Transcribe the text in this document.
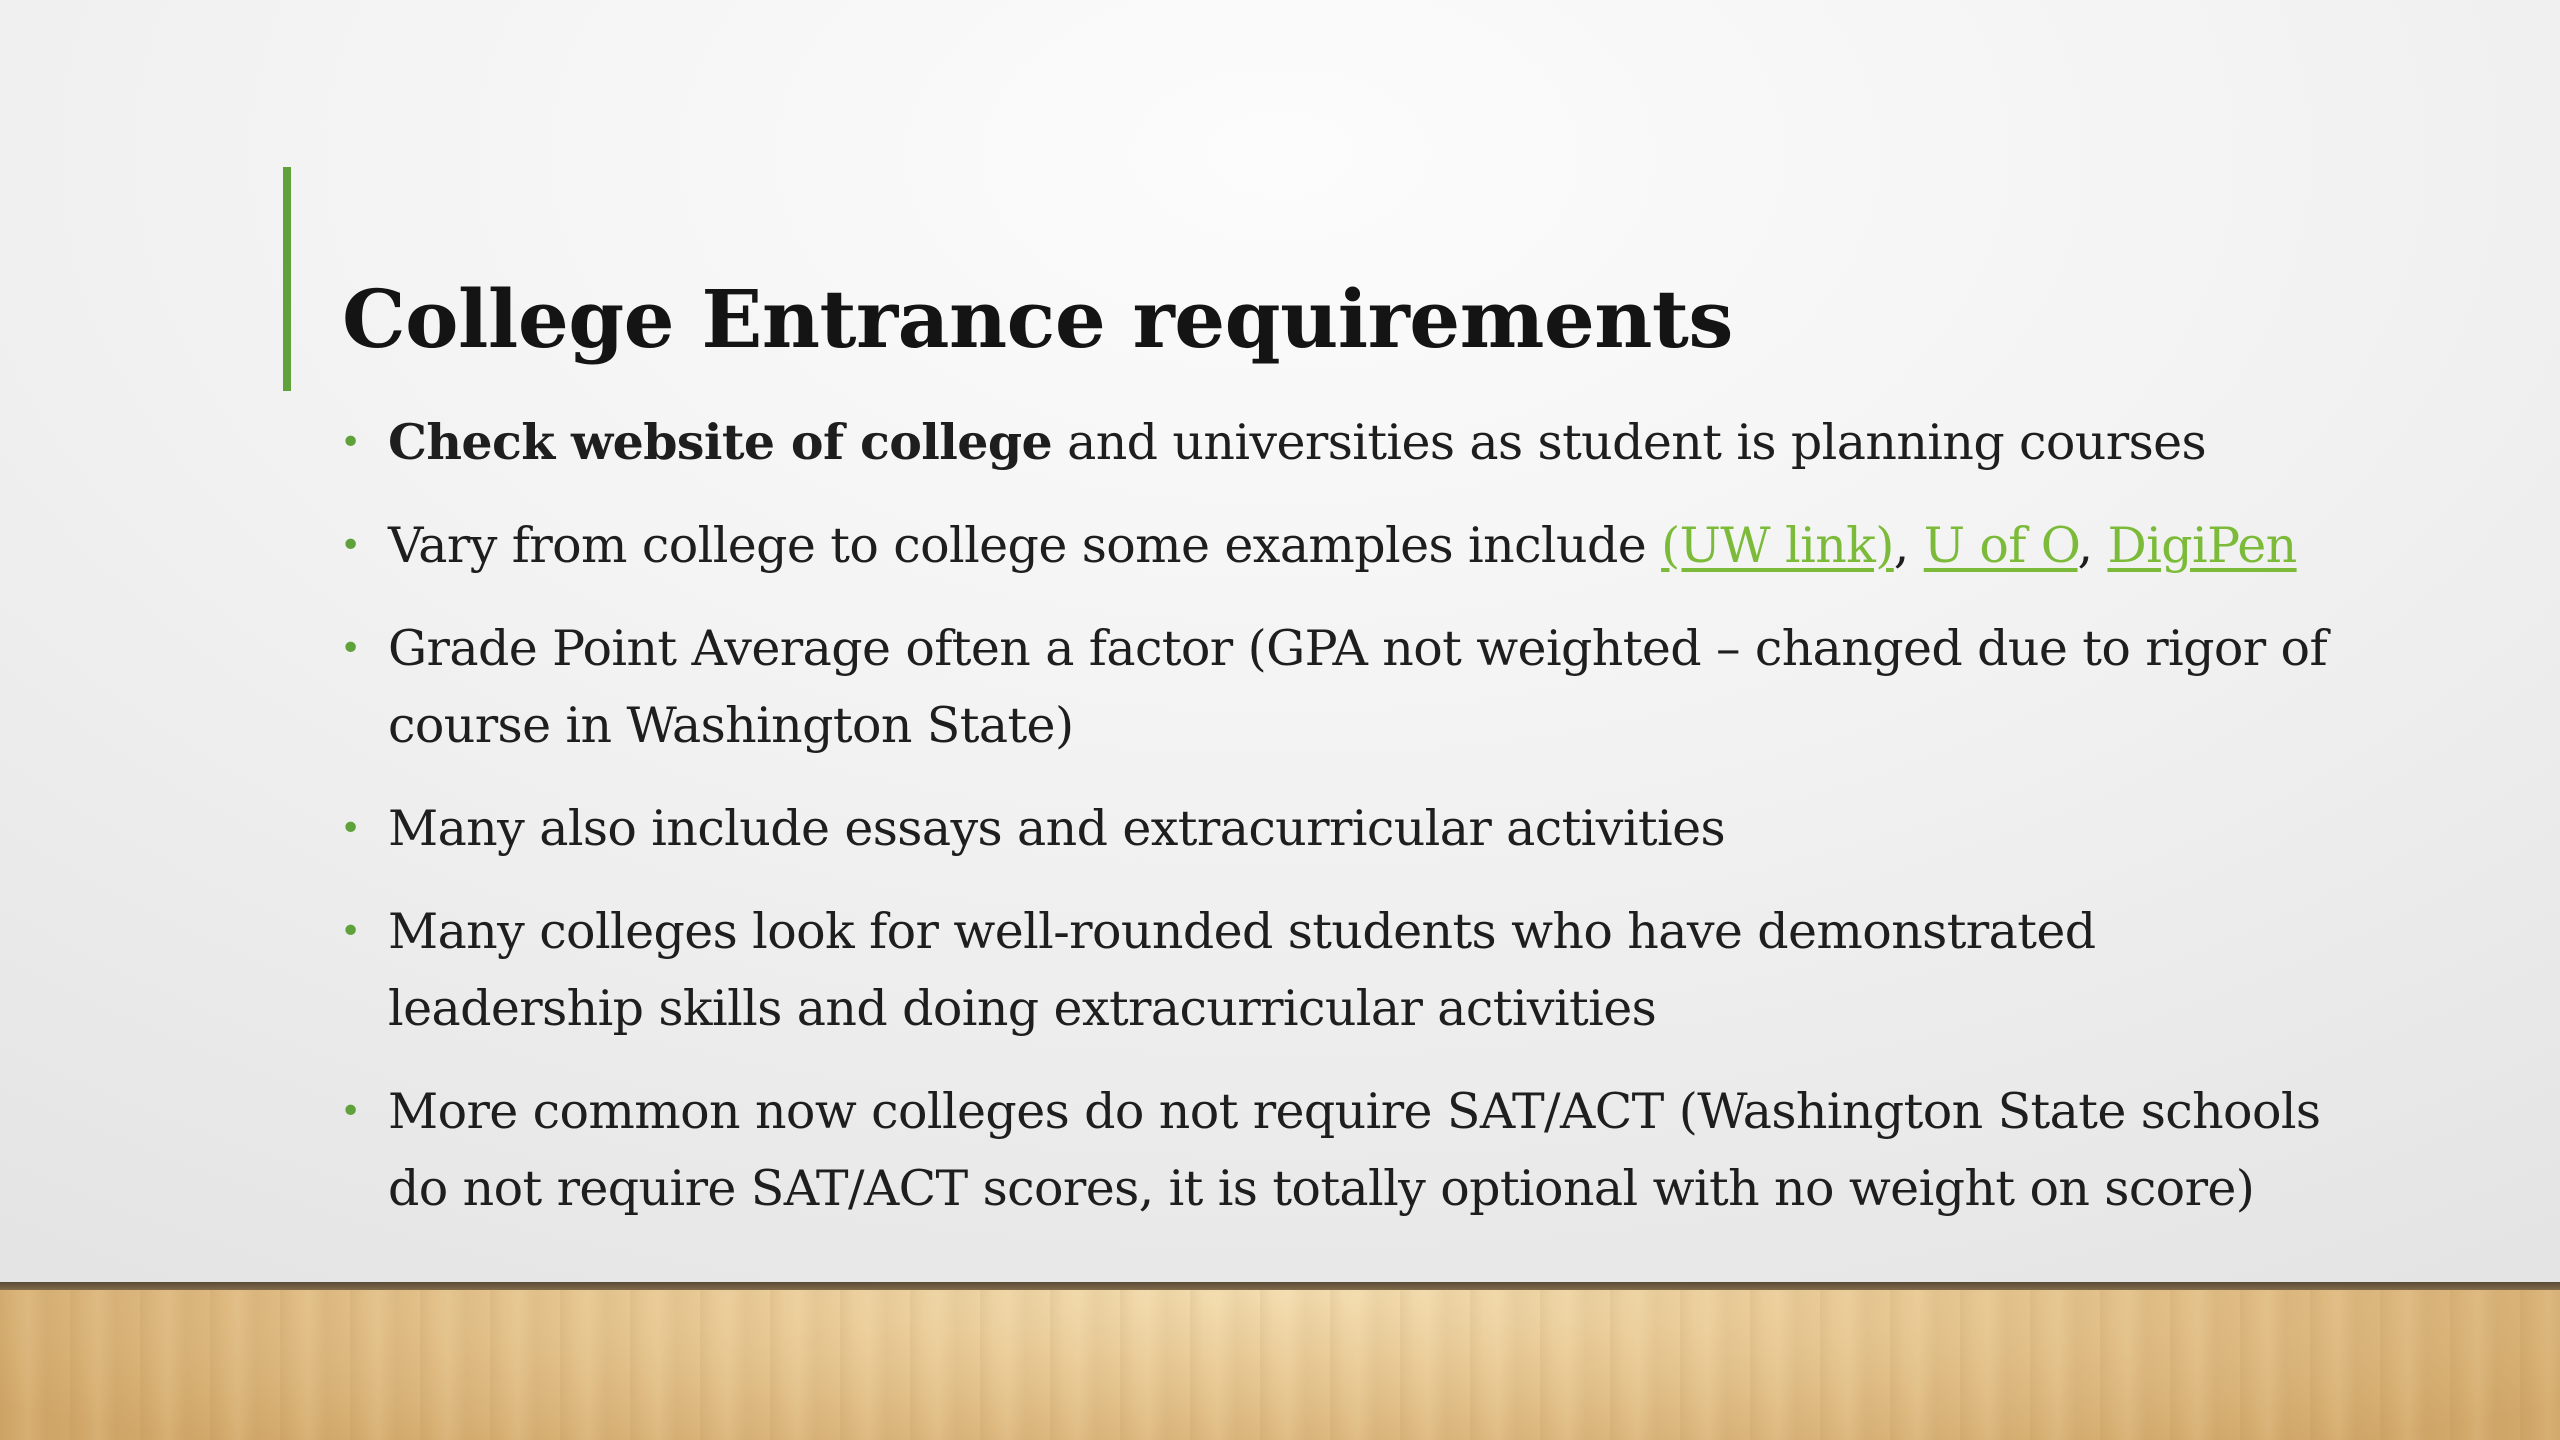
College Entrance requirements
• Check website of college and universities as student is planning courses
• Vary from college to college some examples include (UW link), U of O, DigiPen
• Grade Point Average often a factor (GPA not weighted – changed due to rigor of course in Washington State)
• Many also include essays and extracurricular activities
• Many colleges look for well-rounded students who have demonstrated leadership skills and doing extracurricular activities
• More common now colleges do not require SAT/ACT (Washington State schools do not require SAT/ACT scores, it is totally optional with no weight on score)
